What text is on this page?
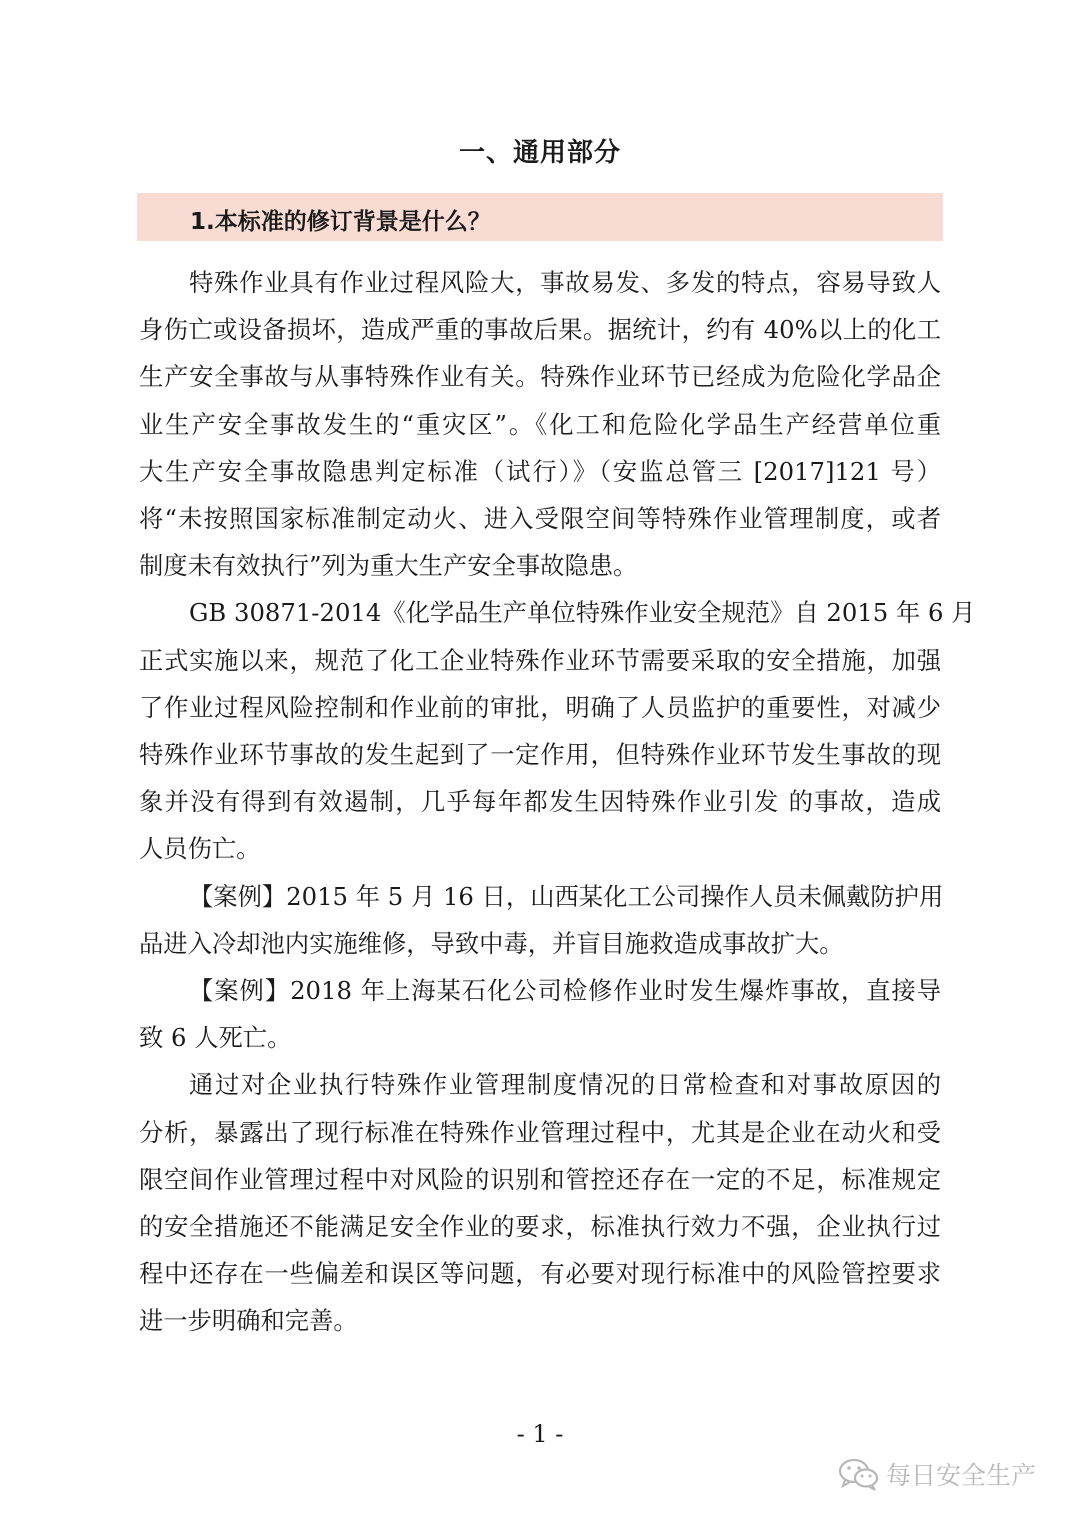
一、通用部分
1.本标准的修订背景是什么？

特殊作业具有作业过程风险大，事故易发、多发的特点，容易导致人
身伤亡或设备损坏，造成严重的事故后果。据统计，约有 40%以上的化工
生产安全事故与从事特殊作业有关。特殊作业环节已经成为危险化学品企
业生产安全事故发生的“重灾区”。《化工和危险化学品生产经营单位重
大生产安全事故隐患判定标准（试行）》（安监总管三 [2017]121 号）
将“未按照国家标准制定动火、进入受限空间等特殊作业管理制度，或者
制度未有效执行”列为重大生产安全事故隐患。

GB 30871-2014《化学品生产单位特殊作业安全规范》自 2015 年 6 月
正式实施以来，规范了化工企业特殊作业环节需要采取的安全措施，加强
了作业过程风险控制和作业前的审批，明确了人员监护的重要性，对减少
特殊作业环节事故的发生起到了一定作用，但特殊作业环节发生事故的现
象并没有得到有效遏制，几乎每年都发生因特殊作业引发 的事故，造成
人员伤亡。

【案例】2015 年 5 月 16 日，山西某化工公司操作人员未佩戴防护用
品进入冷却池内实施维修，导致中毒，并盲目施救造成事故扩大。

【案例】2018 年上海某石化公司检修作业时发生爆炸事故，直接导
致 6 人死亡。

通过对企业执行特殊作业管理制度情况的日常检查和对事故原因的
分析，暴露出了现行标准在特殊作业管理过程中，尤其是企业在动火和受
限空间作业管理过程中对风险的识别和管控还存在一定的不足，标准规定
的安全措施还不能满足安全作业的要求，标准执行效力不强，企业执行过
程中还存在一些偏差和误区等问题，有必要对现行标准中的风险管控要求
进一步明确和完善。

- 1 -
每日安全生产
